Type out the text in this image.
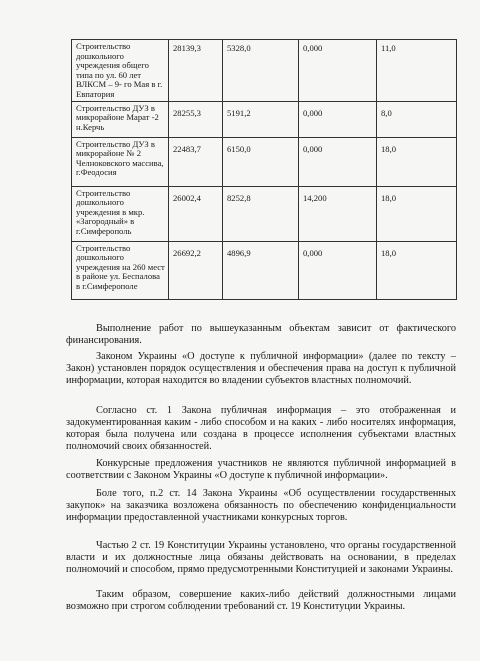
Строительство дошкольного учреждения общего типа по ул. 60 лет ВЛКСМ – 9- го Мая в г. Евпатория	28139,3	5328,0	0,000	11,0
Строительство ДУЗ в микрорайоне Марат -2 н.Керчь	28255,3	5191,2	0,000	8,0
Строительство ДУЗ в микрорайоне № 2 Челноковского массива, г.Феодосия	22483,7	6150,0	0,000	18,0
Строительство дошкольного учреждения в мкр. «Загородный» в г.Симферополь	26002,4	8252,8	14,200	18,0
Строительство дошкольного учреждения на 260 мест в районе ул. Беспалова в г.Симферополе	26692,2	4896,9	0,000	18,0

Выполнение работ по вышеуказанным объектам зависит от фактического финансирования.

Законом Украины «О доступе к публичной информации» (далее по тексту – Закон) установлен порядок осуществления и обеспечения права на доступ к публичной информации, которая находится во владении субъектов властных полномочий.

Согласно ст. 1 Закона публичная информация – это отображенная и задокументированная каким - либо способом и на каких - либо носителях информация, которая была получена или создана в процессе исполнения субъектами властных полномочий своих обязанностей.

Конкурсные предложения участников не являются публичной информацией в соответствии с Законом Украины «О доступе к публичной информации».

Боле того, п.2 ст. 14 Закона Украины «Об осуществлении государственных закупок» на заказчика возложена обязанность по обеспечению конфиденциальности информации предоставленной участниками конкурсных торгов.

Частью 2 ст. 19 Конституции Украины установлено, что органы государственной власти и их должностные лица обязаны действовать на основании, в пределах полномочий и способом, прямо предусмотренными Конституцией и законами Украины.

Таким образом, совершение каких-либо действий должностными лицами возможно при строгом соблюдении требований ст. 19 Конституции Украины.
